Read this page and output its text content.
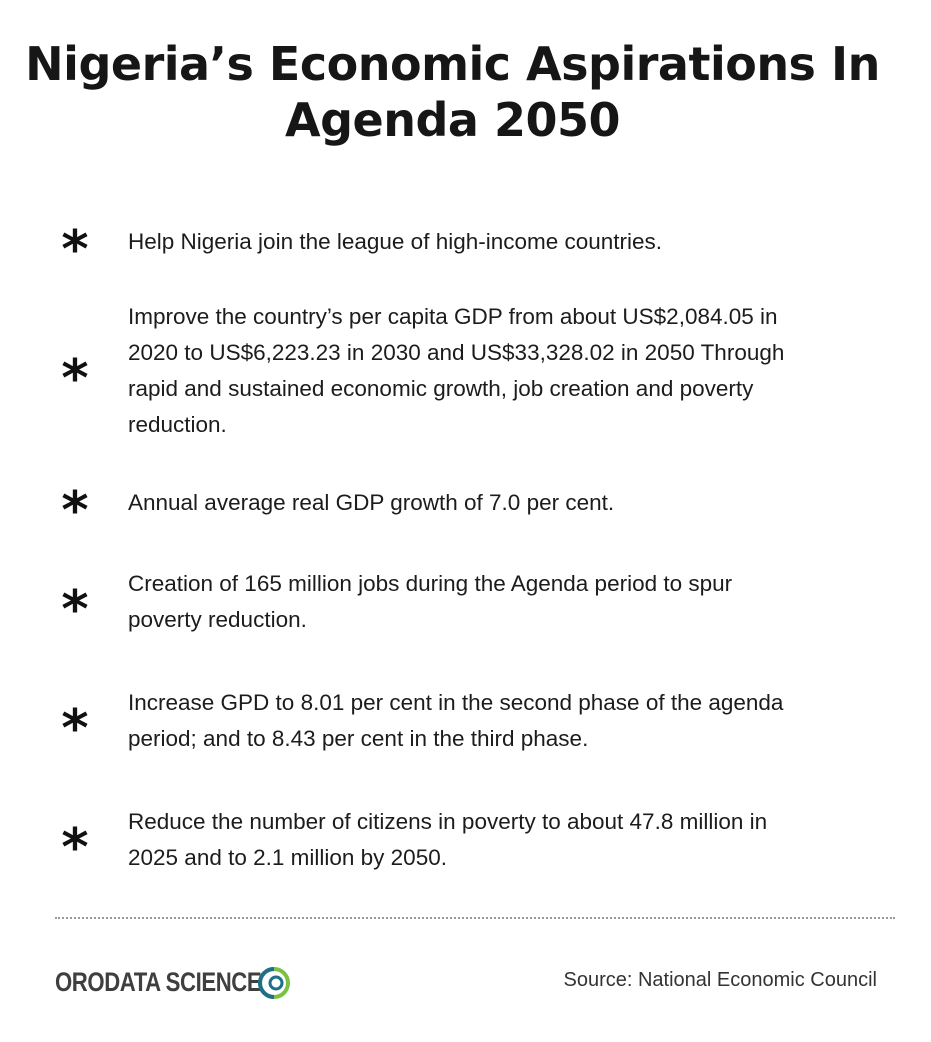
Nigeria’s Economic Aspirations In
Agenda 2050
* Help Nigeria join the league of high-income countries.
*
Improve the country’s per capita GDP from about US$2,084.05 in
2020 to US$6,223.23 in 2030 and US$33,328.02 in 2050 Through
rapid and sustained economic growth, job creation and poverty
reduction.
* Annual average real GDP growth of 7.0 per cent.
* Creation of 165 million jobs during the Agenda period to spur
poverty reduction.
* Increase GPD to 8.01 per cent in the second phase of the agenda
period; and to 8.43 per cent in the third phase.
* Reduce the number of citizens in poverty to about 47.8 million in
2025 and to 2.1 million by 2050.
ORODATA SCIENCE	Source: National Economic Council
